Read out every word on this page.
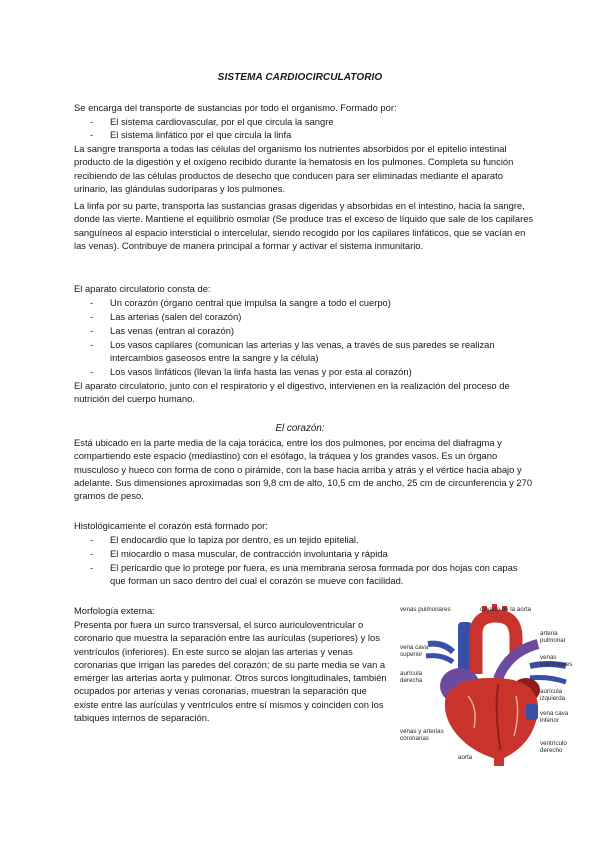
SISTEMA CARDIOCIRCULATORIO

Se encarga del transporte de sustancias por todo el organismo. Formado por:

- El sistema cardiovascular, por el que circula la sangre
- El sistema linfático por el que circula la linfa

La sangre transporta a todas las células del organismo los nutrientes absorbidos por el epitelio intestinal producto de la digestión y el oxígeno recibido durante la hematosis en los pulmones. Completa su función recibiendo de las células productos de desecho que conducen para ser eliminadas mediante el aparato urinario, las glándulas sudoríparas y los pulmones.

La linfa por su parte, transporta las sustancias grasas digeridas y absorbidas en el intestino, hacia la sangre, donde las vierte. Mantiene el equilibrio osmolar (Se produce tras el exceso de líquido que sale de los capilares sanguíneos al espacio intersticial o intercelular, siendo recogido por los capilares linfáticos, que se vacían en las venas). Contribuye de manera principal a formar y activar el sistema inmunitario.

El aparato circulatorio consta de:

- Un corazón (órgano central que impulsa la sangre a todo el cuerpo)
- Las arterias (salen del corazón)
- Las venas (entran al corazón)
- Los vasos capilares (comunican las arterias y las venas, a través de sus paredes se realizan intercambios gaseosos entre la sangre y la célula)
- Los vasos linfáticos (llevan la linfa hasta las venas y por esta al corazón)

El aparato circulatorio, junto con el respiratorio y el digestivo, intervienen en la realización del proceso de nutrición del cuerpo humano.

El corazón:

Está ubicado en la parte media de la caja torácica, entre los dos pulmones, por encima del diafragma y compartiendo este espacio (mediastino) con el esófago, la tráquea y los grandes vasos. Es un órgano musculoso y hueco con forma de cono o pirámide, con la base hacia arriba y atrás y el vértice hacia abajo y adelante. Sus dimensiones aproximadas son 9,8 cm de alto, 10,5 cm de ancho, 25 cm de circunferencia y 270 gramos de peso.

Histológicamente el corazón está formado por:

- El endocardio que lo tapiza por dentro, es un tejido epitelial.
- El miocardio o masa muscular, de contracción involuntaria y rápida
- El pericardio que lo protege por fuera, es una membrana serosa formada por dos hojas con capas que forman un saco dentro del cual el corazón se mueve con facilidad.

Morfología externa:

Presenta por fuera un surco transversal, el surco auriculoventricular o coronario que muestra la separación entre las aurículas (superiores) y los ventrículos (inferiores). En este surco se alojan las arterias y venas coronarias que irrigan las paredes del corazón; de su parte media se van a emerger las arterias aorta y pulmonar. Otros surcos longitudinales, también ocupados por arterias y venas coronarias, muestran la separación que existe entre las aurículas y ventrículos entre sí mismos y coinciden con los tabiques internos de separación.

venas pulmonares	cayado de la aorta
vena cava superior
arteria pulmonar
venas pulmonares
aurícula derecha
aurícula izquierda
vena cava inferior
venas y arterias coronarias
ventrículo derecho
aorta
